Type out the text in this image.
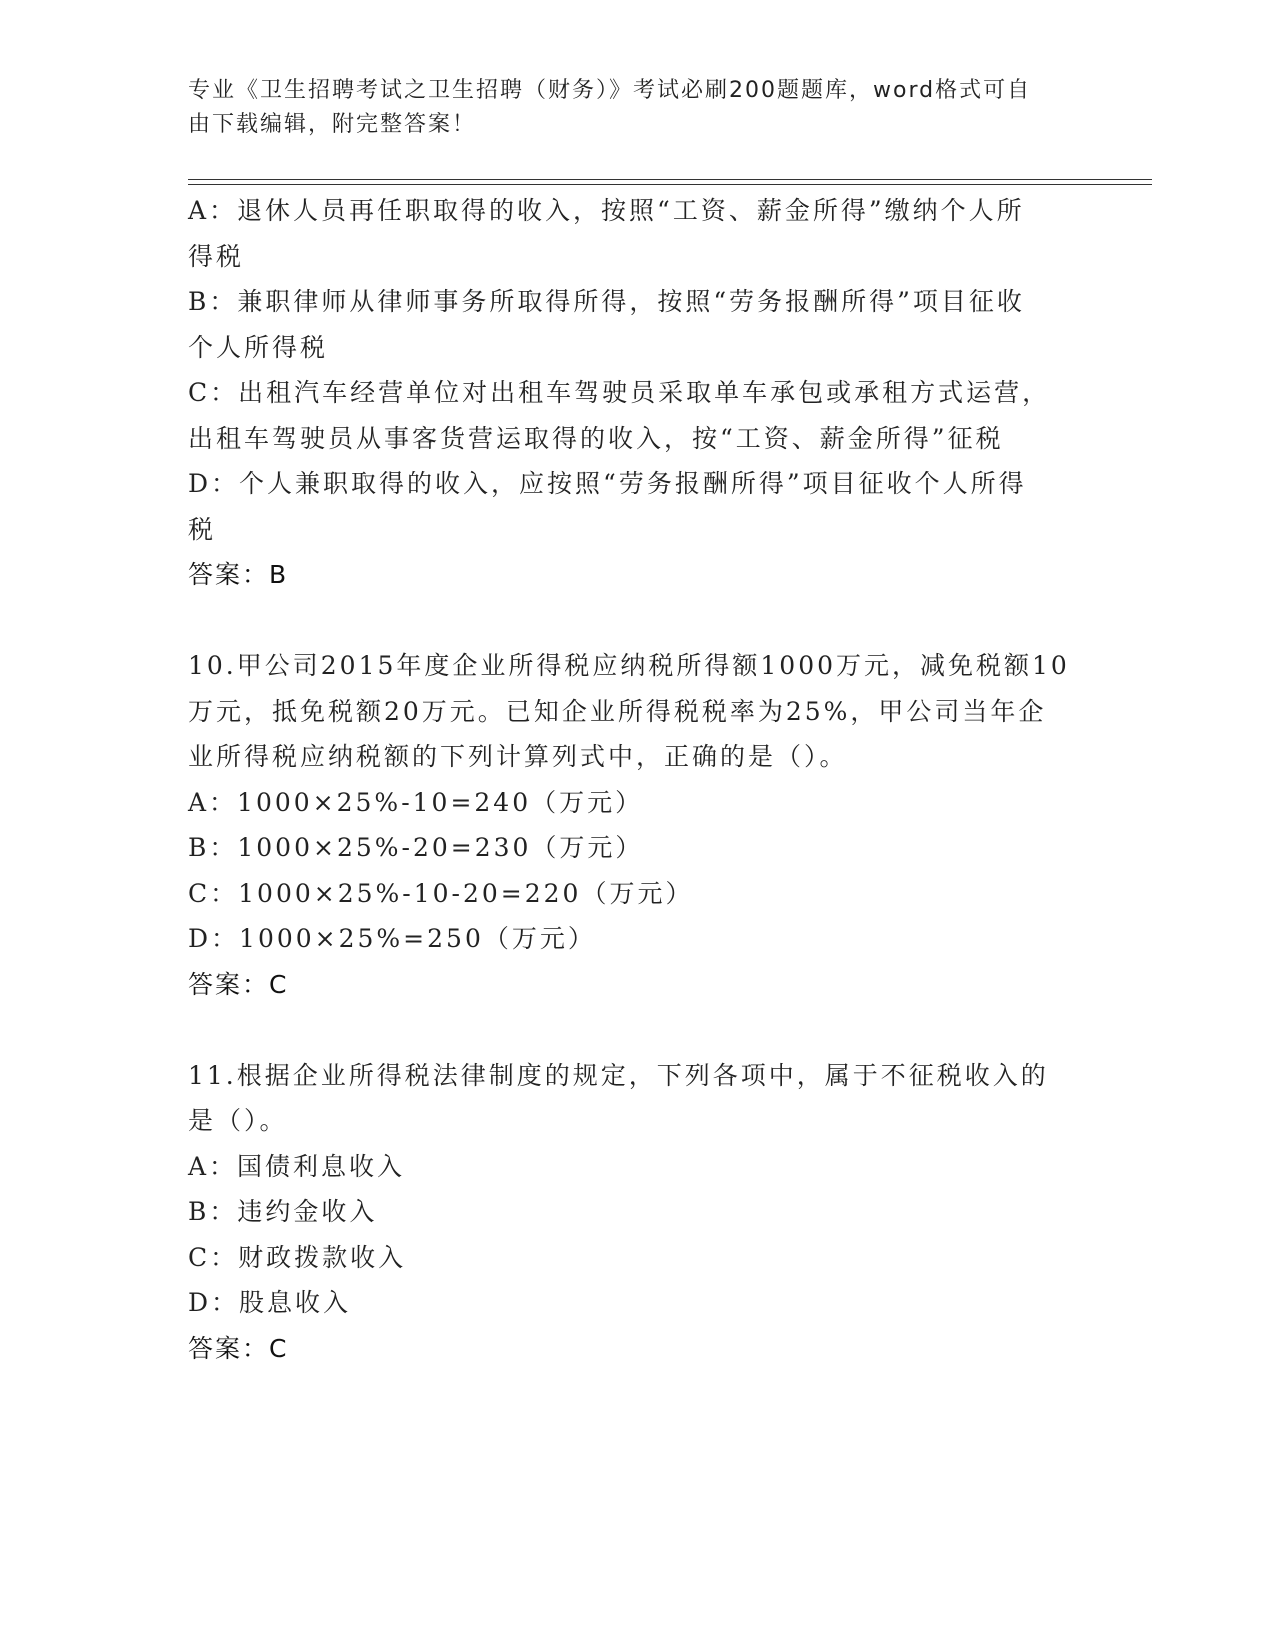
专业《卫生招聘考试之卫生招聘（财务）》考试必刷200题题库，word格式可自
由下载编辑，附完整答案！
A：退休人员再任职取得的收入，按照“工资、薪金所得”缴纳个人所
得税
B：兼职律师从律师事务所取得所得，按照“劳务报酬所得”项目征收
个人所得税
C：出租汽车经营单位对出租车驾驶员采取单车承包或承租方式运营，
出租车驾驶员从事客货营运取得的收入，按“工资、薪金所得”征税
D：个人兼职取得的收入，应按照“劳务报酬所得”项目征收个人所得
税
答案：B
10.甲公司2015年度企业所得税应纳税所得额1000万元，减免税额10
万元，抵免税额20万元。已知企业所得税税率为25%，甲公司当年企
业所得税应纳税额的下列计算列式中，正确的是（）。
A：1000×25%-10=240（万元）
B：1000×25%-20=230（万元）
C：1000×25%-10-20=220（万元）
D：1000×25%=250（万元）
答案：C
11.根据企业所得税法律制度的规定，下列各项中，属于不征税收入的
是（）。
A：国债利息收入
B：违约金收入
C：财政拨款收入
D：股息收入
答案：C
